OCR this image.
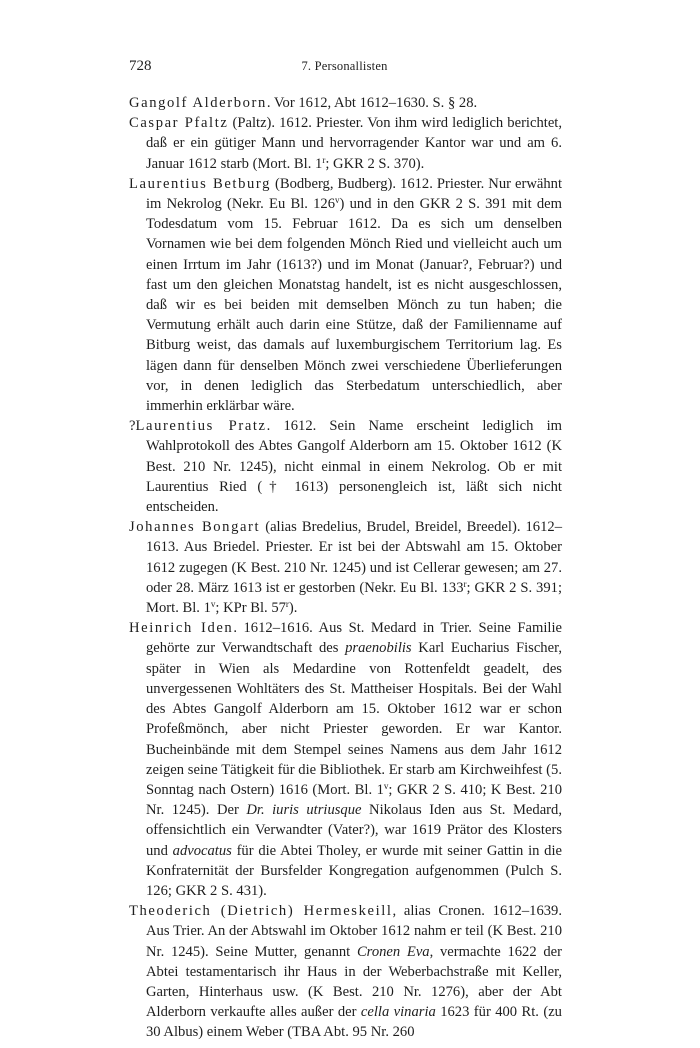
728	7. Personallisten

Gangolf Alderborn. Vor 1612, Abt 1612–1630. S. § 28.

Caspar Pfaltz (Paltz). 1612. Priester. Von ihm wird lediglich berichtet, daß er ein gütiger Mann und hervorragender Kantor war und am 6. Januar 1612 starb (Mort. Bl. 1$^r$; GKR 2 S. 370).

Laurentius Betburg (Bodberg, Budberg). 1612. Priester. Nur erwähnt im Nekrolog (Nekr. Eu Bl. 126$^v$) und in den GKR 2 S. 391 mit dem Todesdatum vom 15. Februar 1612. Da es sich um denselben Vornamen wie bei dem folgenden Mönch Ried und vielleicht auch um einen Irrtum im Jahr (1613?) und im Monat (Januar?, Februar?) und fast um den gleichen Monatstag handelt, ist es nicht ausgeschlossen, daß wir es bei beiden mit demselben Mönch zu tun haben; die Vermutung erhält auch darin eine Stütze, daß der Familienname auf Bitburg weist, das damals auf luxemburgischem Territorium lag. Es lägen dann für denselben Mönch zwei verschiedene Überlieferungen vor, in denen lediglich das Sterbedatum unterschiedlich, aber immerhin erklärbar wäre.

?Laurentius Pratz. 1612. Sein Name erscheint lediglich im Wahlprotokoll des Abtes Gangolf Alderborn am 15. Oktober 1612 (K Best. 210 Nr. 1245), nicht einmal in einem Nekrolog. Ob er mit Laurentius Ried († 1613) personengleich ist, läßt sich nicht entscheiden.

Johannes Bongart (alias Bredelius, Brudel, Breidel, Breedel). 1612–1613. Aus Briedel. Priester. Er ist bei der Abtswahl am 15. Oktober 1612 zugegen (K Best. 210 Nr. 1245) und ist Cellerar gewesen; am 27. oder 28. März 1613 ist er gestorben (Nekr. Eu Bl. 133$^r$; GKR 2 S. 391; Mort. Bl. 1$^v$; KPr Bl. 57$^r$).

Heinrich Iden. 1612–1616. Aus St. Medard in Trier. Seine Familie gehörte zur Verwandtschaft des praenobilis Karl Eucharius Fischer, später in Wien als Medardine von Rottenfeldt geadelt, des unvergessenen Wohltäters des St. Mattheiser Hospitals. Bei der Wahl des Abtes Gangolf Alderborn am 15. Oktober 1612 war er schon Profeßmönch, aber nicht Priester geworden. Er war Kantor. Bucheinbände mit dem Stempel seines Namens aus dem Jahr 1612 zeigen seine Tätigkeit für die Bibliothek. Er starb am Kirchweihfest (5. Sonntag nach Ostern) 1616 (Mort. Bl. 1$^v$; GKR 2 S. 410; K Best. 210 Nr. 1245). Der Dr. iuris utriusque Nikolaus Iden aus St. Medard, offensichtlich ein Verwandter (Vater?), war 1619 Prätor des Klosters und advocatus für die Abtei Tholey, er wurde mit seiner Gattin in die Konfraternität der Bursfelder Kongregation aufgenommen (Pulch S. 126; GKR 2 S. 431).

Theoderich (Dietrich) Hermeskeill, alias Cronen. 1612–1639. Aus Trier. An der Abtswahl im Oktober 1612 nahm er teil (K Best. 210 Nr. 1245). Seine Mutter, genannt Cronen Eva, vermachte 1622 der Abtei testamentarisch ihr Haus in der Weberbachstraße mit Keller, Garten, Hinterhaus usw. (K Best. 210 Nr. 1276), aber der Abt Alderborn verkaufte alles außer der cella vinaria 1623 für 400 Rt. (zu 30 Albus) einem Weber (TBA Abt. 95 Nr. 260
